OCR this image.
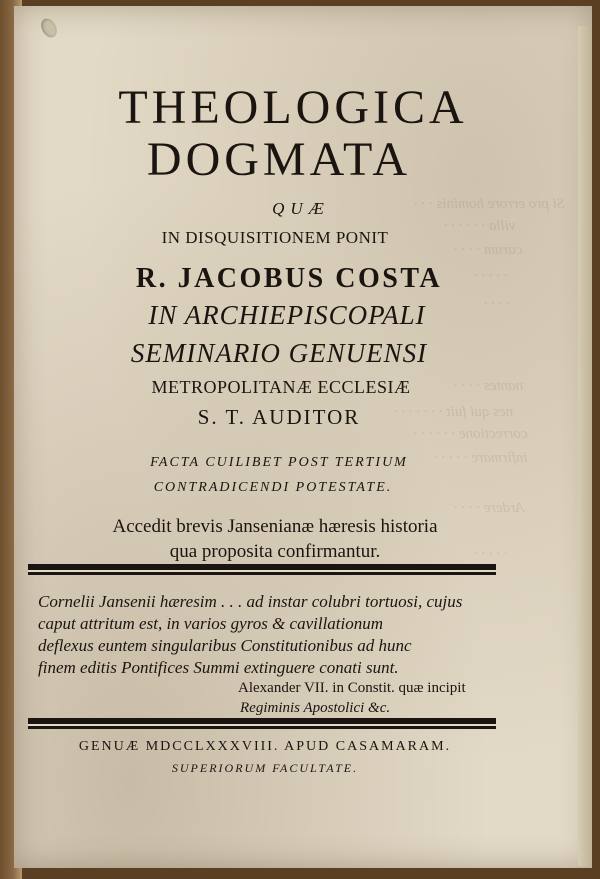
Si pro errore hominis · · ·
villa · · · · · ·
carum · · · ·
· · · · ·
· · · ·
nantes · · · ·
nes qui fuit · · · · · · ·
correctione · · · · · ·
infirmare · · · · ·
Ardere · · · ·
· · · · ·
THEOLOGICA
DOGMATA
QUÆ
IN DISQUISITIONEM PONIT
R. JACOBUS COSTA
IN ARCHIEPISCOPALI
SEMINARIO GENUENSI
METROPOLITANÆ ECCLESIÆ
S. T. AUDITOR
FACTA CUILIBET POST TERTIUM
CONTRADICENDI POTESTATE.
Accedit brevis Jansenianæ hæresis historia
qua proposita confirmantur.
Cornelii Jansenii hæresim . . . ad instar colubri tortuosi, cujus
caput attritum est, in varios gyros & cavillationum
deflexus euntem singularibus Constitutionibus ad hunc
finem editis Pontifices Summi extinguere conati sunt.
Alexander VII. in Constit. quæ incipit
Regiminis Apostolici &c.
GENUÆ MDCCLXXXVIII. APUD CASAMARAM.
SUPERIORUM FACULTATE.
